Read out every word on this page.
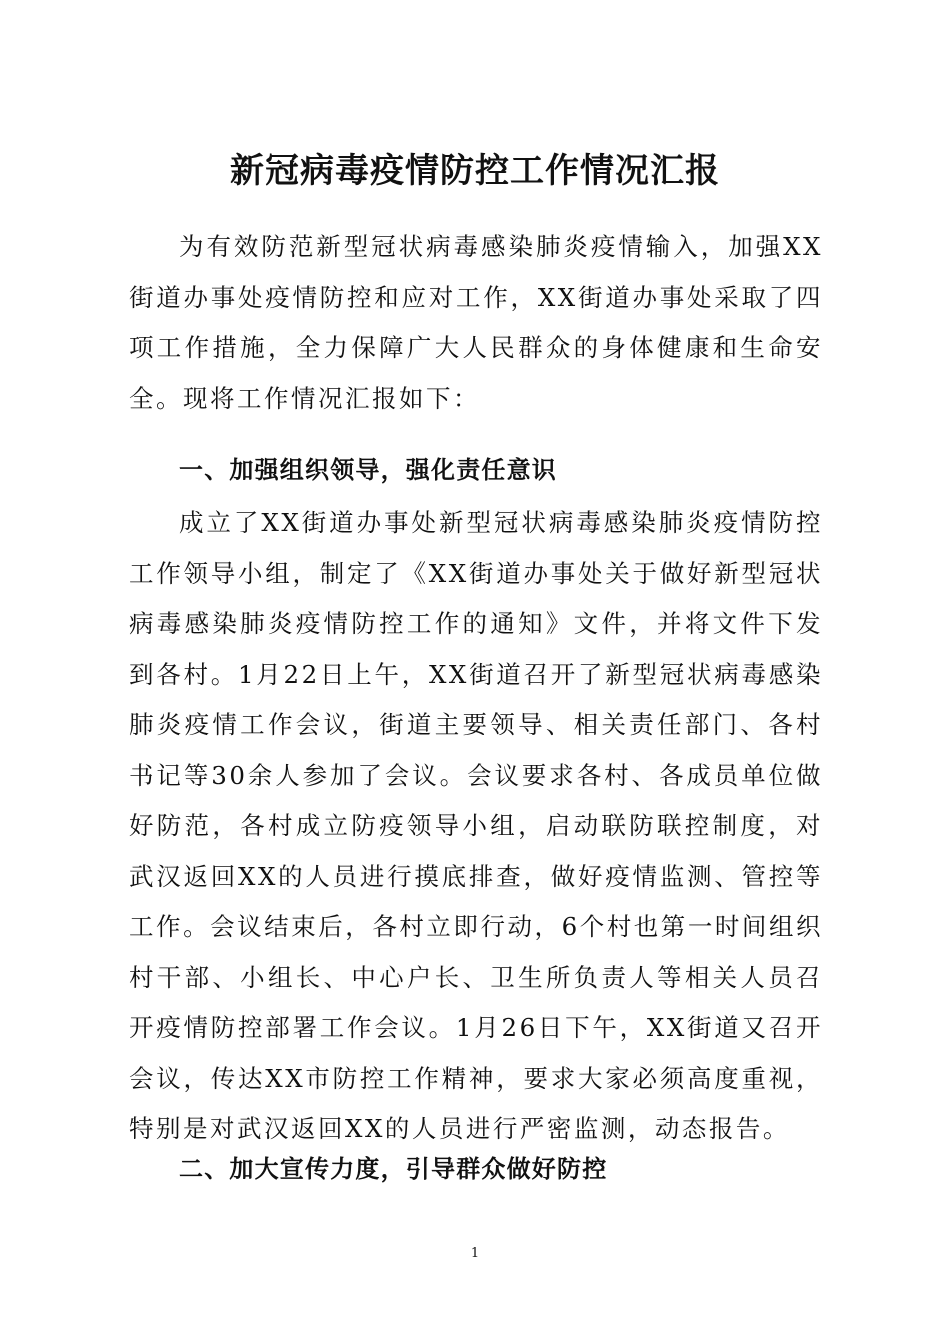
新冠病毒疫情防控工作情况汇报

为有效防范新型冠状病毒感染肺炎疫情输入，加强XX街道办事处疫情防控和应对工作，XX街道办事处采取了四项工作措施，全力保障广大人民群众的身体健康和生命安全。现将工作情况汇报如下：

一、加强组织领导，强化责任意识

成立了XX街道办事处新型冠状病毒感染肺炎疫情防控工作领导小组，制定了《XX街道办事处关于做好新型冠状病毒感染肺炎疫情防控工作的通知》文件，并将文件下发到各村。1月22日上午，XX街道召开了新型冠状病毒感染肺炎疫情工作会议，街道主要领导、相关责任部门、各村书记等30余人参加了会议。会议要求各村、各成员单位做好防范，各村成立防疫领导小组，启动联防联控制度，对武汉返回XX的人员进行摸底排查，做好疫情监测、管控等工作。会议结束后，各村立即行动，6个村也第一时间组织村干部、小组长、中心户长、卫生所负责人等相关人员召开疫情防控部署工作会议。1月26日下午，XX街道又召开会议，传达XX市防控工作精神，要求大家必须高度重视，特别是对武汉返回XX的人员进行严密监测，动态报告。

二、加大宣传力度，引导群众做好防控
1
